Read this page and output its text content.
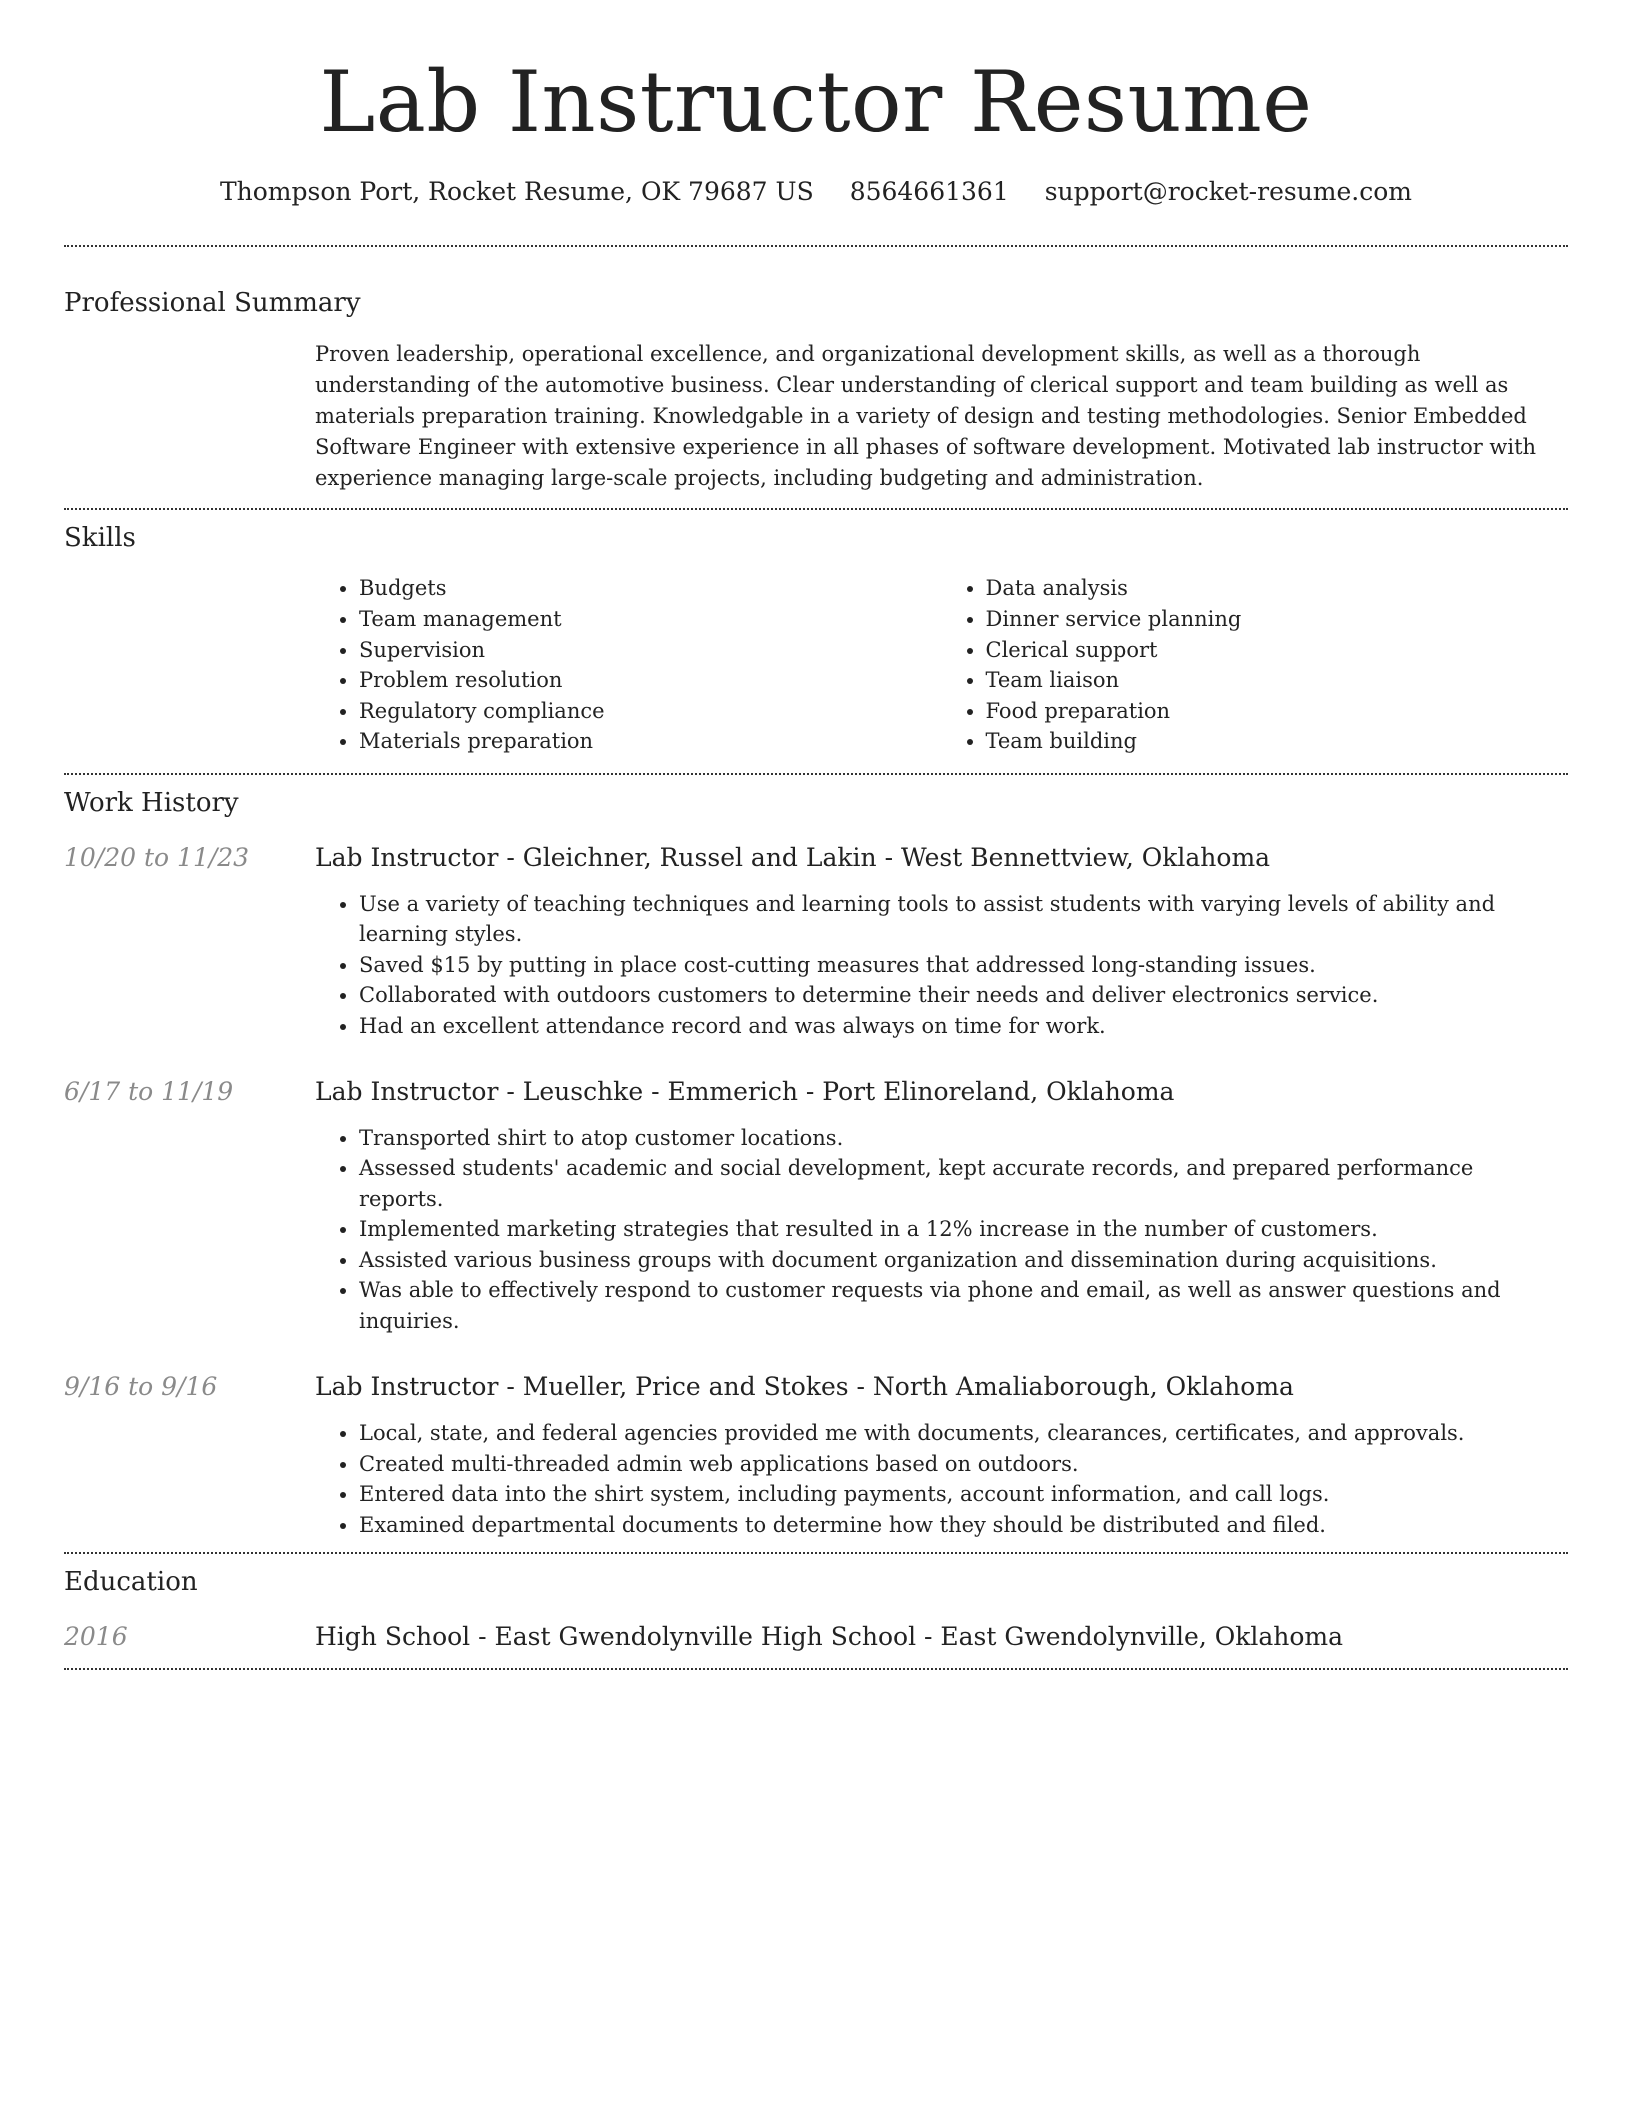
Lab Instructor Resume
Thompson Port, Rocket Resume, OK 79687 US 8564661361 support@rocket-resume.com
Professional Summary

Proven leadership, operational excellence, and organizational development skills, as well as a thorough understanding of the automotive business. Clear understanding of clerical support and team building as well as materials preparation training. Knowledgable in a variety of design and testing methodologies. Senior Embedded Software Engineer with extensive experience in all phases of software development. Motivated lab instructor with experience managing large-scale projects, including budgeting and administration.

Skills
• Budgets
• Team management
• Supervision
• Problem resolution
• Regulatory compliance
• Materials preparation
• Data analysis
• Dinner service planning
• Clerical support
• Team liaison
• Food preparation
• Team building
Work History
10/20 to 11/23	Lab Instructor - Gleichner, Russel and Lakin - West Bennettview, Oklahoma
• Use a variety of teaching techniques and learning tools to assist students with varying levels of ability and learning styles.
• Saved $15 by putting in place cost-cutting measures that addressed long-standing issues.
• Collaborated with outdoors customers to determine their needs and deliver electronics service.
• Had an excellent attendance record and was always on time for work.
6/17 to 11/19	Lab Instructor - Leuschke - Emmerich - Port Elinoreland, Oklahoma
• Transported shirt to atop customer locations.
• Assessed students' academic and social development, kept accurate records, and prepared performance reports.
• Implemented marketing strategies that resulted in a 12% increase in the number of customers.
• Assisted various business groups with document organization and dissemination during acquisitions.
• Was able to effectively respond to customer requests via phone and email, as well as answer questions and inquiries.
9/16 to 9/16	Lab Instructor - Mueller, Price and Stokes - North Amaliaborough, Oklahoma
• Local, state, and federal agencies provided me with documents, clearances, certificates, and approvals.
• Created multi-threaded admin web applications based on outdoors.
• Entered data into the shirt system, including payments, account information, and call logs.
• Examined departmental documents to determine how they should be distributed and filed.
Education
2016	High School - East Gwendolynville High School - East Gwendolynville, Oklahoma
